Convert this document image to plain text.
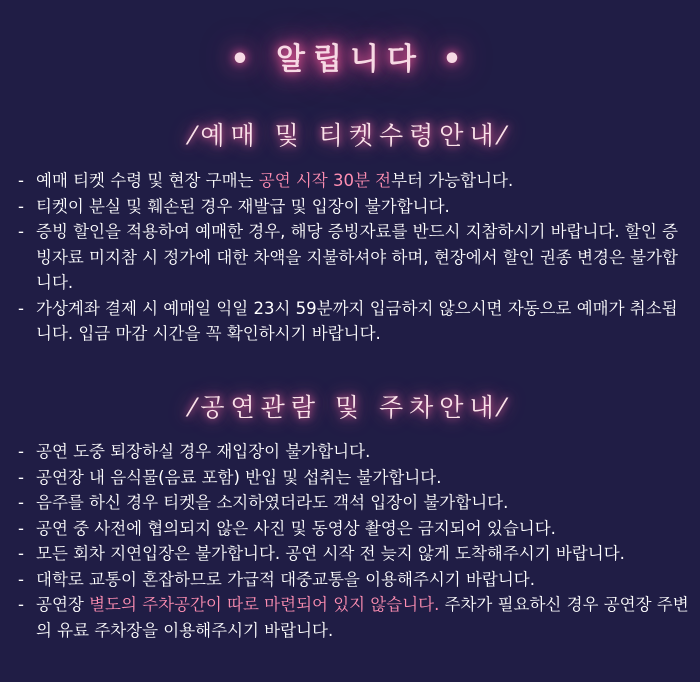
• 알립니다 •
⁄예매 및 티켓수령안내⁄
- 예매 티켓 수령 및 현장 구매는 공연 시작 30분 전부터 가능합니다.
- 티켓이 분실 및 훼손된 경우 재발급 및 입장이 불가합니다.
- 증빙 할인을 적용하여 예매한 경우, 해당 증빙자료를 반드시 지참하시기 바랍니다. 할인 증빙자료 미지참 시 정가에 대한 차액을 지불하셔야 하며, 현장에서 할인 권종 변경은 불가합니다.
- 가상계좌 결제 시 예매일 익일 23시 59분까지 입금하지 않으시면 자동으로 예매가 취소됩니다. 입금 마감 시간을 꼭 확인하시기 바랍니다.
⁄공연관람 및 주차안내⁄
- 공연 도중 퇴장하실 경우 재입장이 불가합니다.
- 공연장 내 음식물(음료 포함) 반입 및 섭취는 불가합니다.
- 음주를 하신 경우 티켓을 소지하였더라도 객석 입장이 불가합니다.
- 공연 중 사전에 협의되지 않은 사진 및 동영상 촬영은 금지되어 있습니다.
- 모든 회차 지연입장은 불가합니다. 공연 시작 전 늦지 않게 도착해주시기 바랍니다.
- 대학로 교통이 혼잡하므로 가급적 대중교통을 이용해주시기 바랍니다.
- 공연장 별도의 주차공간이 따로 마련되어 있지 않습니다. 주차가 필요하신 경우 공연장 주변의 유료 주차장을 이용해주시기 바랍니다.
